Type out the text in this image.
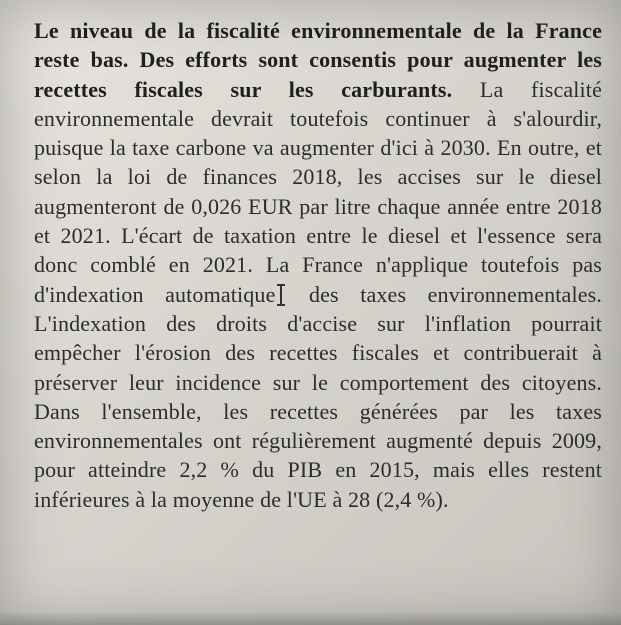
Le niveau de la fiscalité environnementale de la France reste bas. Des efforts sont consentis pour augmenter les recettes fiscales sur les carburants. La fiscalité environnementale devrait toutefois continuer à s'alourdir, puisque la taxe carbone va augmenter d'ici à 2030. En outre, et selon la loi de finances 2018, les accises sur le diesel augmenteront de 0,026 EUR par litre chaque année entre 2018 et 2021. L'écart de taxation entre le diesel et l'essence sera donc comblé en 2021. La France n'applique toutefois pas d'indexation automatique des taxes environnementales. L'indexation des droits d'accise sur l'inflation pourrait empêcher l'érosion des recettes fiscales et contribuerait à préserver leur incidence sur le comportement des citoyens. Dans l'ensemble, les recettes générées par les taxes environnementales ont régulièrement augmenté depuis 2009, pour atteindre 2,2 % du PIB en 2015, mais elles restent inférieures à la moyenne de l'UE à 28 (2,4 %).
